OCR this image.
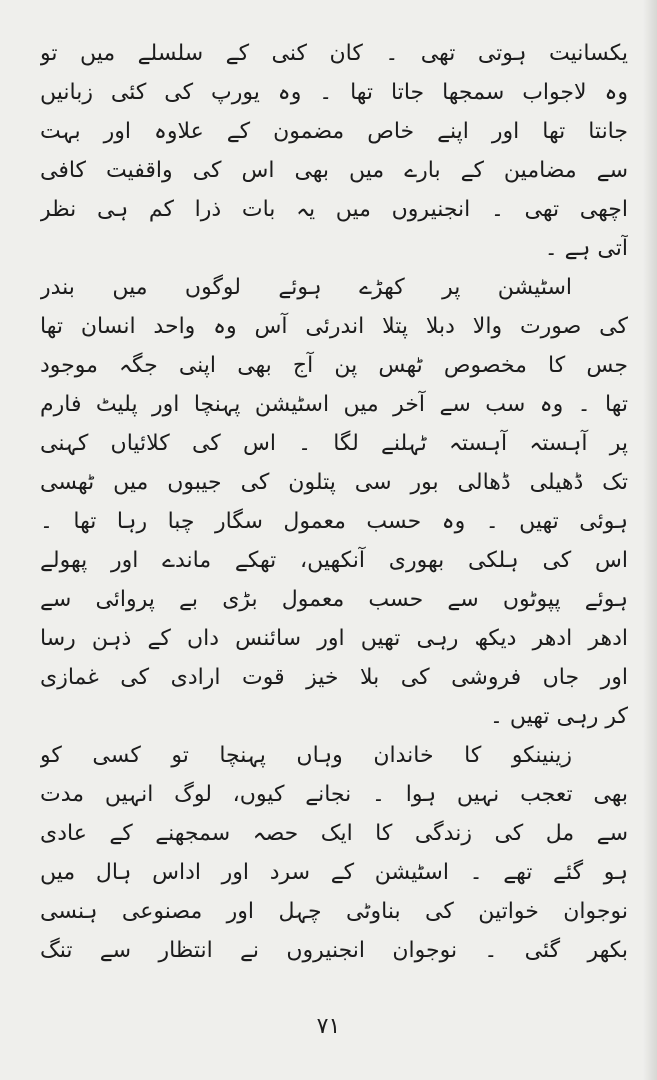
یکسانیت ہوتی تھی ۔ کان کنی کے سلسلے میں تو
وہ لاجواب سمجھا جاتا تھا ۔ وہ یورپ کی کئی زبانیں
جانتا تھا اور اپنے خاص مضمون کے علاوہ اور بہت
سے مضامین کے بارے میں بھی اس کی واقفیت کافی
اچھی تھی ۔ انجنیروں میں یہ بات ذرا کم ہی نظر
آتی ہے ۔
اسٹیشن پر کھڑے ہوئے لوگوں میں بندر
کی صورت والا دبلا پتلا اندرئی آس وہ واحد انسان تھا
جس کا مخصوص ٹھس پن آج بھی اپنی جگہ موجود
تھا ۔ وہ سب سے آخر میں اسٹیشن پہنچا اور پلیٹ فارم
پر آہستہ آہستہ ٹہلنے لگا ۔ اس کی کلائیاں کہنی
تک ڈھیلی ڈھالی بور سی پتلون کی جیبوں میں ٹھسی
ہوئی تھیں ۔ وہ حسب معمول سگار چبا رہا تھا ۔
اس کی ہلکی بھوری آنکھیں، تھکے ماندے اور پھولے
ہوئے پپوٹوں سے حسب معمول بڑی بے پروائی سے
ادھر ادھر دیکھ رہی تھیں اور سائنس داں کے ذہن رسا
اور جاں فروشی کی بلا خیز قوت ارادی کی غمازی
کر رہی تھیں ۔
زینینکو کا خاندان وہاں پہنچا تو کسی کو
بھی تعجب نہیں ہوا ۔ نجانے کیوں، لوگ انہیں مدت
سے مل کی زندگی کا ایک حصہ سمجھنے کے عادی
ہو گئے تھے ۔ اسٹیشن کے سرد اور اداس ہال میں
نوجوان خواتین کی بناوٹی چہل اور مصنوعی ہنسی
بکھر گئی ۔ نوجوان انجنیروں نے انتظار سے تنگ
۷۱
